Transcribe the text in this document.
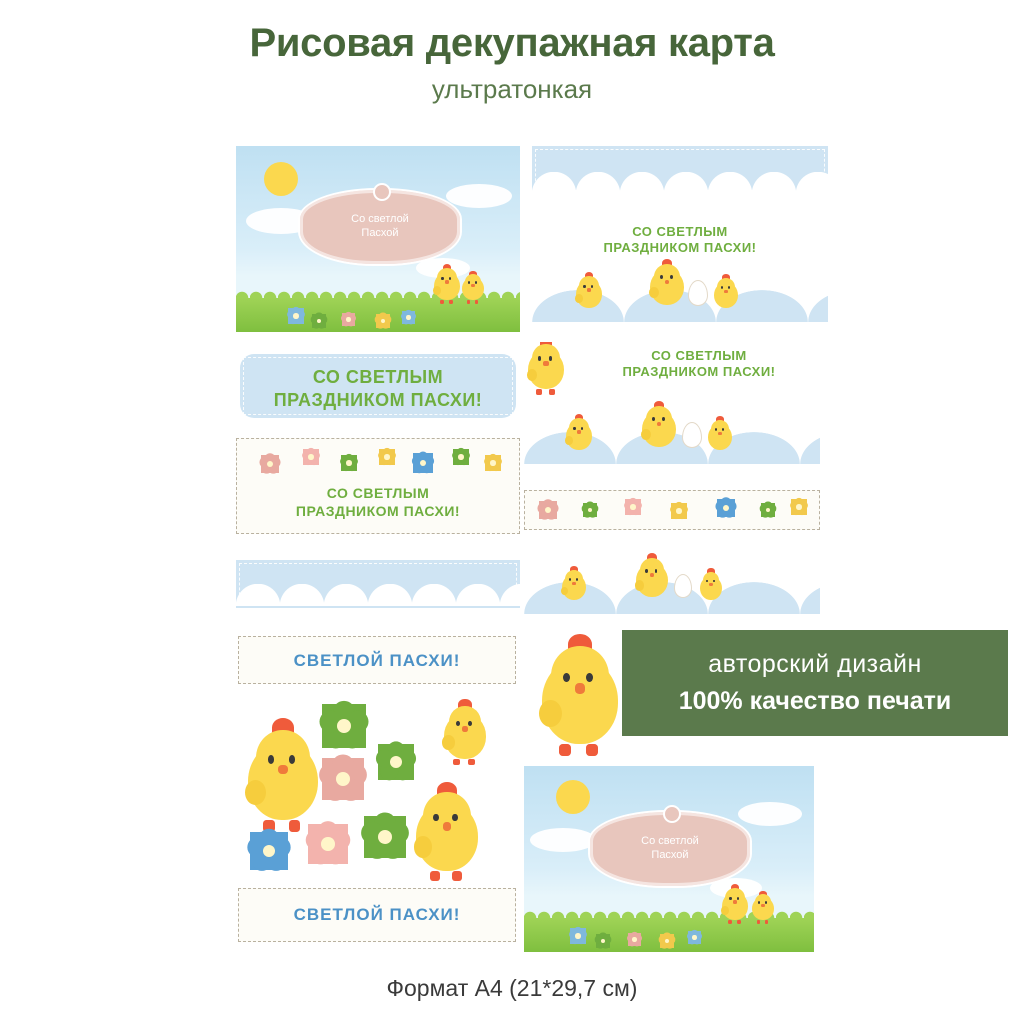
Рисовая декупажная карта
ультратонкая
Со светлой
Пасхой	СО СВЕТЛЫМ
ПРАЗДНИКОМ ПАСХИ!
СО СВЕТЛЫМ
ПРАЗДНИКОМ ПАСХИ!
СО СВЕТЛЫМ
ПРАЗДНИКОМ ПАСХИ!
СО СВЕТЛЫМ
ПРАЗДНИКОМ ПАСХИ!
СВЕТЛОЙ ПАСХИ!
СВЕТЛОЙ ПАСХИ!
Со светлой
Пасхой
авторский дизайн
100% качество печати
Формат А4 (21*29,7 см)
